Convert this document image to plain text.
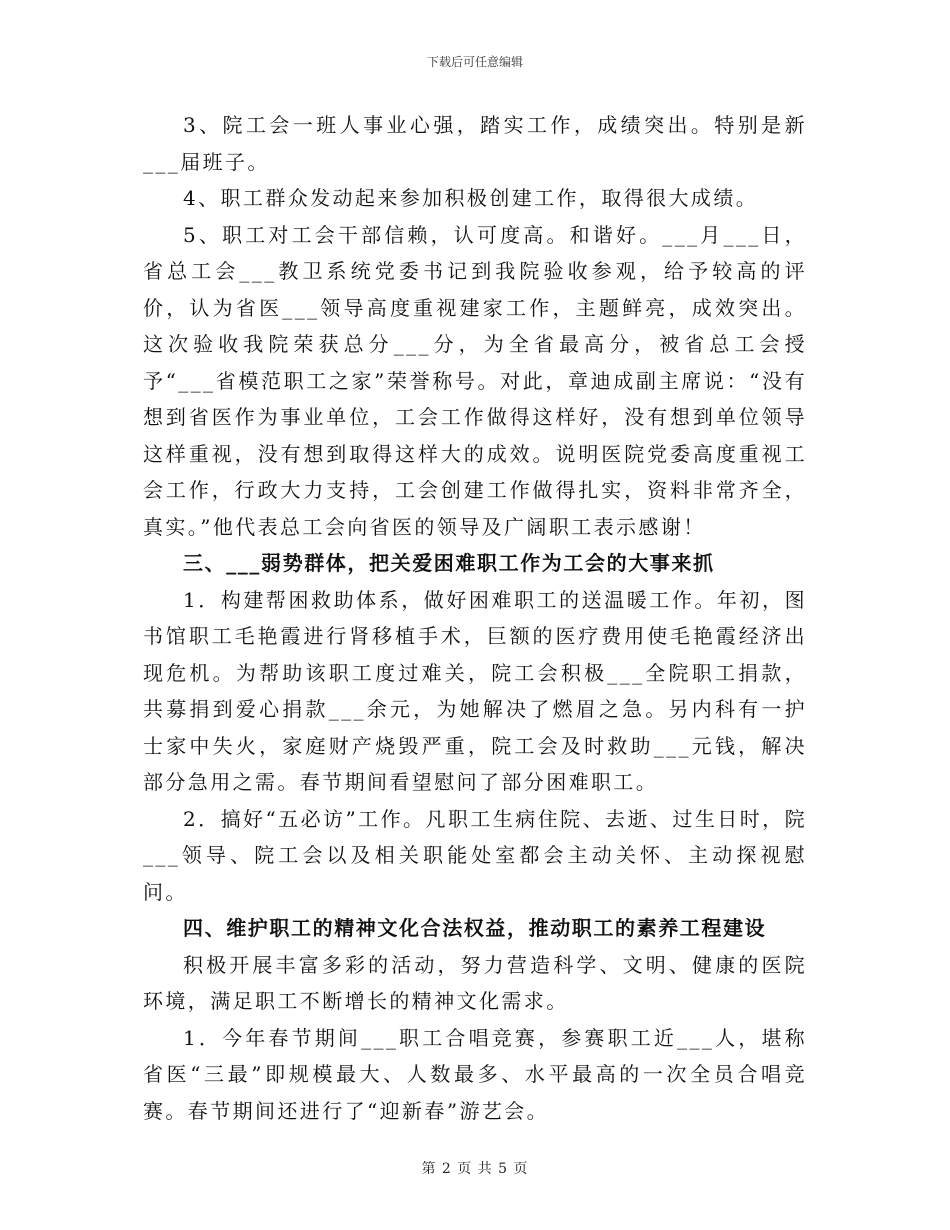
下载后可任意编辑

3、院工会一班人事业心强，踏实工作，成绩突出。特别是新___届班子。

4、职工群众发动起来参加积极创建工作，取得很大成绩。

5、职工对工会干部信赖，认可度高。和谐好。___月___日，省总工会___教卫系统党委书记到我院验收参观，给予较高的评价，认为省医___领导高度重视建家工作，主题鲜亮，成效突出。这次验收我院荣获总分___分，为全省最高分，被省总工会授予“___省模范职工之家”荣誉称号。对此，章迪成副主席说：“没有想到省医作为事业单位，工会工作做得这样好，没有想到单位领导这样重视，没有想到取得这样大的成效。说明医院党委高度重视工会工作，行政大力支持，工会创建工作做得扎实，资料非常齐全，真实。”他代表总工会向省医的领导及广阔职工表示感谢！

三、___弱势群体，把关爱困难职工作为工会的大事来抓

1．构建帮困救助体系，做好困难职工的送温暖工作。年初，图书馆职工毛艳霞进行肾移植手术，巨额的医疗费用使毛艳霞经济出现危机。为帮助该职工度过难关，院工会积极___全院职工捐款，共募捐到爱心捐款___余元，为她解决了燃眉之急。另内科有一护士家中失火，家庭财产烧毁严重，院工会及时救助___元钱，解决部分急用之需。春节期间看望慰问了部分困难职工。

2．搞好“五必访”工作。凡职工生病住院、去逝、过生日时，院___领导、院工会以及相关职能处室都会主动关怀、主动探视慰问。

四、维护职工的精神文化合法权益，推动职工的素养工程建设

积极开展丰富多彩的活动，努力营造科学、文明、健康的医院环境，满足职工不断增长的精神文化需求。

1．今年春节期间___职工合唱竞赛，参赛职工近___人，堪称省医“三最”即规模最大、人数最多、水平最高的一次全员合唱竞赛。春节期间还进行了“迎新春”游艺会。

第 2 页 共 5 页
